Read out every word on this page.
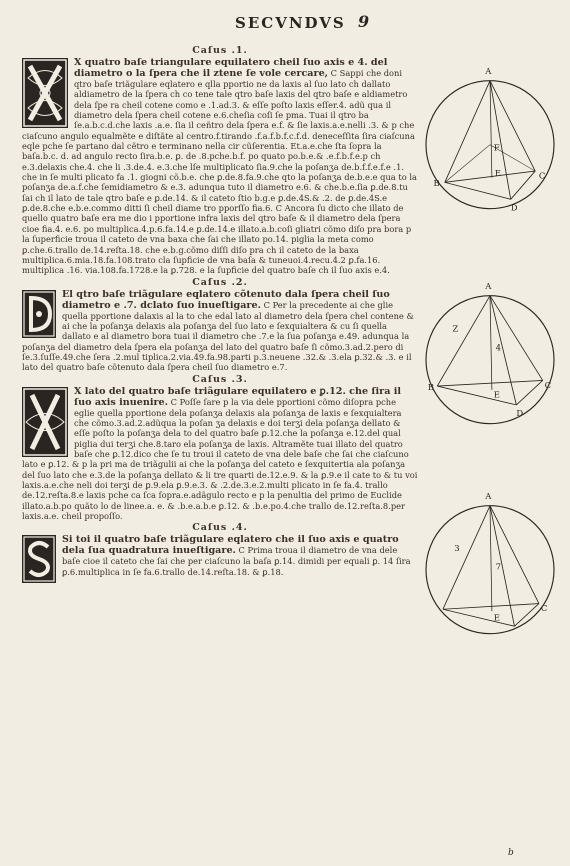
SECVNDVS 9
Caſus .1.
X quatro baſe triangulare equilatero cheil ſuo axis e 4. del diametro o la ſpera che il ztene ſe vole cercare, C Sappi che doni qtro baſe triãgulare eqlatero e qlla pportio ne da laxis al ſuo lato ch dallato aldiametro de la ſpera ch co tene tale qtro baſe laxis del qtro baſe e aldiametro dela ſpe ra cheil cotene como e .1.ad.3. & eſſe poſto laxis eſſer.4. adũ qua il diametro dela ſpera cheil cotene e.6.cheſia coſi ſe pma. Tuai il qtro ba ſe.a.b.c.d.che laxis .a.e. ſia il ceñtro dela ſpera e.f. & ſie laxis.a.e.nelli .3. & p che ciaſcuno angulo equalmẽte e diſtãte al centro.f.tirando .f.a.f.b.f.c.f.d. deneceſſita ſira ciaſcuna eqle pche ſe partano dal cẽtro e terminano nella cir cũſerentia. Et.a.e.che ſta ſopra la baſa.b.c. d. ad angulo recto ſira.b.e. ꝑ. de .8.pche.b.f. po quato po.b.e.& .e.f.b.f.e.p ch e.3.delaxis che.4. che li .3.de.4. e.3.che lſe multiplicato ſia.9.che la poſanʒa de.b.f.f.e.f.e .1. che in ſe multi plicato fa .1. giogni cõ.b.e. che ꝑ.de.8.fa.9.che qto la poſanʒa de.b.e.e qua to la poſanʒa de.a.f.che ſemidiametro & e.3. adunqua tuto il diametro e.6. & che.b.e.ſia ꝑ.de.8.tu ſai ch il lato de tale qtro baſe e ꝑ.de.14. & il cateto ſtio b.g.e ꝑ.de.4S.& .2. de ꝑ.de.4S.e ꝑ.de.8.che e.b.e.commo ditti ſi cheil diame tro pporſſo fia.6. C Ancora ſu dicto che illato de quello quatro baſe era me dio i pportione infra laxis del qtro baſe & il diametro dela ſpera cioe fia.4. e.6. po multiplica.4.p.6.fa.14.e ꝑ.de.14.e illato.a.b.coſi gliatri cõmo diſo pra bora p la ſuperficie troua il cateto de vna baxa che ſai che illato po.14. piglia la meta como ꝑ.che.6.trallo de.14.reſta.18. che e.b.g.cõmo diſſi diſo pra ch il cateto de la baxa multiplica.6.mia.18.fa.108.trato cla ſupficie de vna baſa & tuneuoi.4.recu.4.2 ꝑ.fa.16. multiplica .16. via.108.fa.1728.e la ꝑ.728. e la ſupficie del quatro baſe ch il ſuo axis e.4.
Caſus .2.
El qtro baſe triãgulare eqlatero cõtenuto dala ſpera cheil ſuo diametro e .7. dclato ſuo inueſtigare. C Per la precedente ai che glie quella pportione dalaxis al la to che edal lato al diametro dela ſpera chel contene & ai che la poſanʒa delaxis ala poſanʒa del ſuo lato e ſexquialtera & cu ſi quella dallato e al diametro bora tuai il diametro che .7.e la ſua poſanʒa e.49. adunqua la poſanʒa del diametro dela ſpera ela poſanʒa del lato del quatro baſe ſi cõmo.3.ad.2.pero di ſe.3.ſuſſe.49.che ſera .2.mul tiplica.2.via.49.fa.98.parti p.3.neuene .32.& .3.ela ꝑ.32.& .3. e il lato del quatro baſe cõtenuto dala ſpera cheil ſuo diametro e.7.
Caſus .3.
X lato del quatro baſe triãgulare equilatero e ꝑ.12. che ſira il ſuo axis inuenire. C Poſſe ſare p la via dele pportioni cõmo diſopra pche eglie quella pportione dela poſanʒa delaxis ala poſanʒa de laxis e ſexquialtera che cõmo.3.ad.2.adũqua la poſan ʒa delaxis e doi terʒi dela poſanʒa dellato & eſſe poſto la poſanʒa dela to del quatro baſe ꝑ.12.che la poſanʒa e.12.del qual piglia dui terʒi che.8.taro ela poſanʒa de laxis. Altramẽte tuai illato del quatro baſe che ꝑ.12.dico che ſe tu troui il cateto de vna dele baſe che ſai che ciaſcuno lato e ꝑ.12. & p la pri ma de triãgulii ai che la poſanʒa del cateto e ſexquitertia ala poſanʒa del ſuo lato che e.3.de la poſanʒa dellato & li tre quarti de.12.e.9. & la ꝑ.9.e il cate to & tu voi laxis.a.e.che neli doi terʒi de ꝑ.9.ela ꝑ.9.e.3. & .2.de.3.e.2.multi plicato in ſe fa.4. trallo de.12.reſta.8.e laxis pche ca ſca ſopra.e.adãgulo recto e p la penultia del primo de Euclide illato.a.b.po quãto lo de linee.a. e. & .b.e.a.b.e ꝑ.12. & .b.e.po.4.che trallo de.12.reſta.8.per laxis.a.e. cheil propoſſo.
Caſus .4.
Si toi il quatro baſe triãgulare eqlatero che il ſuo axis e quatro dela ſua quadratura inueſtigare. C Prima troua il diametro de vna dele baſe cioe il cateto che ſai che per ciaſcuno la baſa ꝑ.14. dimidi per equali ꝑ. 14 ſira ꝑ.6.multiplica in ſe fa.6.trallo de.14.reſta.18. & ꝑ.18.
A
F
E
B
C
D
A
Z
4
B
E
C
D
A
3
7
E
C
b
